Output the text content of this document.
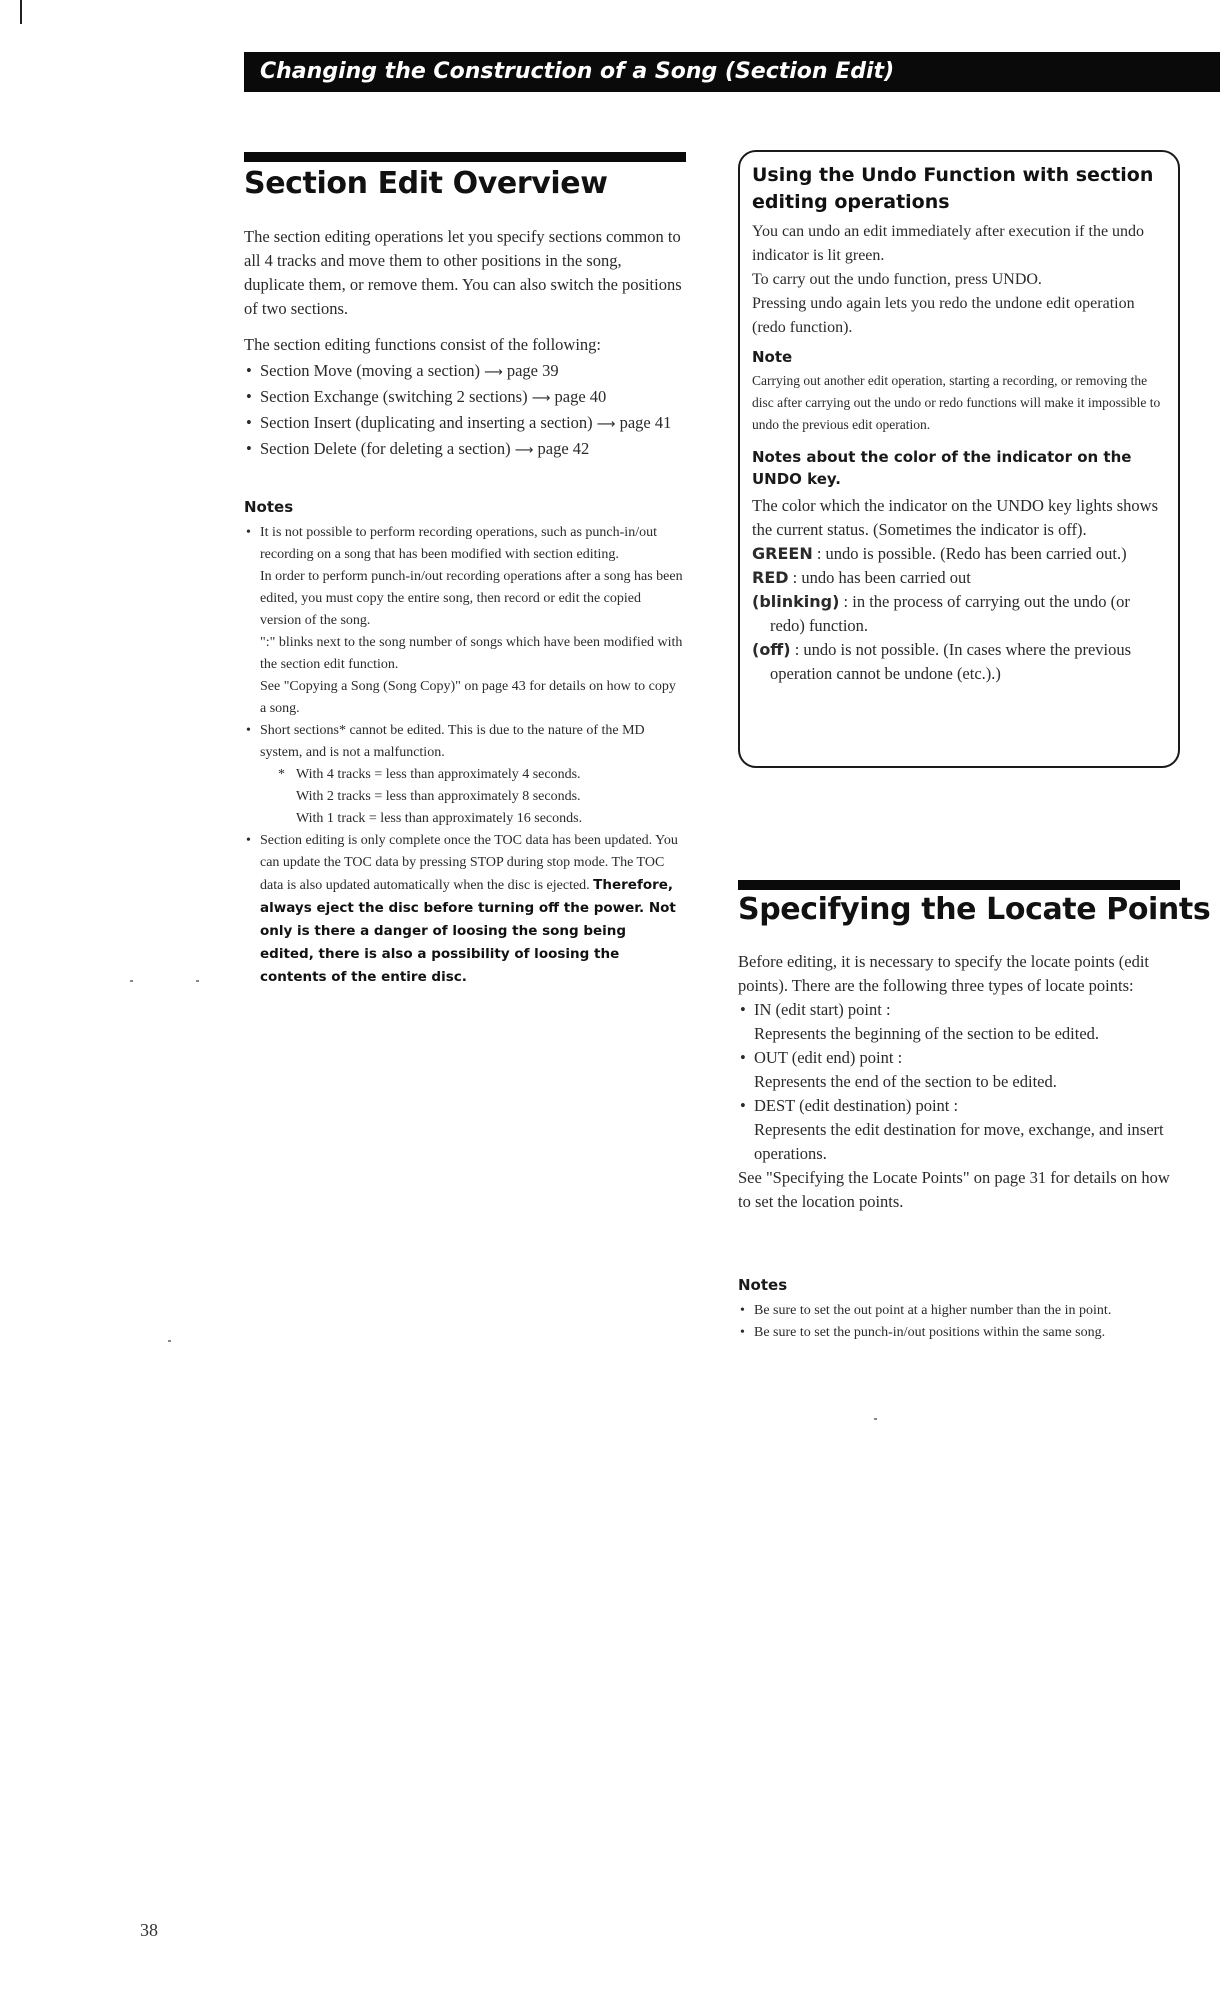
Changing the Construction of a Song (Section Edit)
Section Edit Overview

The section editing operations let you specify sections common to all 4 tracks and move them to other positions in the song, duplicate them, or remove them. You can also switch the positions of two sections.

The section editing functions consist of the following:

• Section Move (moving a section) ⟶ page 39
• Section Exchange (switching 2 sections) ⟶ page 40
• Section Insert (duplicating and inserting a section) ⟶ page 41
• Section Delete (for deleting a section) ⟶ page 42
Notes
• It is not possible to perform recording operations, such as punch-in/out recording on a song that has been modified with section editing.
In order to perform punch-in/out recording operations after a song has been edited, you must copy the entire song, then record or edit the copied version of the song.
":" blinks next to the song number of songs which have been modified with the section edit function.
See "Copying a Song (Song Copy)" on page 43 for details on how to copy a song.
• Short sections* cannot be edited. This is due to the nature of the MD system, and is not a malfunction.
* With 4 tracks = less than approximately 4 seconds.
With 2 tracks = less than approximately 8 seconds.
With 1 track = less than approximately 16 seconds.
• Section editing is only complete once the TOC data has been updated. You can update the TOC data by pressing STOP during stop mode. The TOC data is also updated automatically when the disc is ejected. Therefore, always eject the disc before turning off the power. Not only is there a danger of loosing the song being edited, there is also a possibility of loosing the contents of the entire disc.
Using the Undo Function with section editing operations
You can undo an edit immediately after execution if the undo indicator is lit green.
To carry out the undo function, press UNDO.
Pressing undo again lets you redo the undone edit operation (redo function).
Note
Carrying out another edit operation, starting a recording, or removing the disc after carrying out the undo or redo functions will make it impossible to undo the previous edit operation.
Notes about the color of the indicator on the UNDO key.
The color which the indicator on the UNDO key lights shows the current status. (Sometimes the indicator is off).
GREEN : undo is possible. (Redo has been carried out.)
RED : undo has been carried out
(blinking) : in the process of carrying out the undo (or redo) function.
(off) : undo is not possible. (In cases where the previous operation cannot be undone (etc.).)
Specifying the Locate Points
Before editing, it is necessary to specify the locate points (edit points). There are the following three types of locate points:
• IN (edit start) point :
Represents the beginning of the section to be edited.
• OUT (edit end) point :
Represents the end of the section to be edited.
• DEST (edit destination) point :
Represents the edit destination for move, exchange, and insert operations.
See "Specifying the Locate Points" on page 31 for details on how to set the location points.
Notes
• Be sure to set the out point at a higher number than the in point.
• Be sure to set the punch-in/out positions within the same song.
38
